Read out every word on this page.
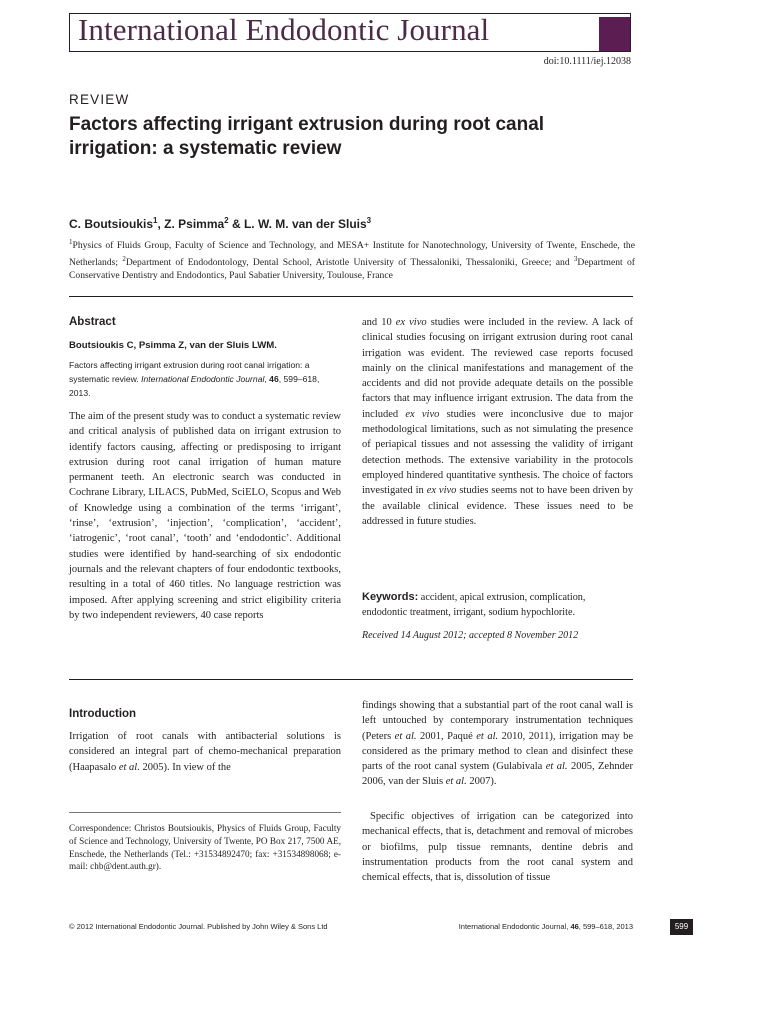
International Endodontic Journal
doi:10.1111/iej.12038
REVIEW
Factors affecting irrigant extrusion during root canal irrigation: a systematic review
C. Boutsioukis$^1$, Z. Psimma$^2$ & L. W. M. van der Sluis$^3$
$^1$Physics of Fluids Group, Faculty of Science and Technology, and MESA+ Institute for Nanotechnology, University of Twente, Enschede, the Netherlands; $^2$Department of Endodontology, Dental School, Aristotle University of Thessaloniki, Thessaloniki, Greece; and $^3$Department of Conservative Dentistry and Endodontics, Paul Sabatier University, Toulouse, France
Abstract
Boutsioukis C, Psimma Z, van der Sluis LWM.
Factors affecting irrigant extrusion during root canal irrigation: a systematic review. International Endodontic Journal, 46, 599–618, 2013.
The aim of the present study was to conduct a systematic review and critical analysis of published data on irrigant extrusion to identify factors causing, affecting or predisposing to irrigant extrusion during root canal irrigation of human mature permanent teeth. An electronic search was conducted in Cochrane Library, LILACS, PubMed, SciELO, Scopus and Web of Knowledge using a combination of the terms ‘irrigant’, ‘rinse’, ‘extrusion’, ‘injection’, ‘complication’, ‘accident’, ‘iatrogenic’, ‘root canal’, ‘tooth’ and ‘endodontic’. Additional studies were identified by hand-searching of six endodontic journals and the relevant chapters of four endodontic textbooks, resulting in a total of 460 titles. No language restriction was imposed. After applying screening and strict eligibility criteria by two independent reviewers, 40 case reports
and 10 ex vivo studies were included in the review. A lack of clinical studies focusing on irrigant extrusion during root canal irrigation was evident. The reviewed case reports focused mainly on the clinical manifestations and management of the accidents and did not provide adequate details on the possible factors that may influence irrigant extrusion. The data from the included ex vivo studies were inconclusive due to major methodological limitations, such as not simulating the presence of periapical tissues and not assessing the validity of irrigant detection methods. The extensive variability in the protocols employed hindered quantitative synthesis. The choice of factors investigated in ex vivo studies seems not to have been driven by the available clinical evidence. These issues need to be addressed in future studies.
Keywords: accident, apical extrusion, complication, endodontic treatment, irrigant, sodium hypochlorite.
Received 14 August 2012; accepted 8 November 2012
Introduction
Irrigation of root canals with antibacterial solutions is considered an integral part of chemo-mechanical preparation (Haapasalo et al. 2005). In view of the
Correspondence: Christos Boutsioukis, Physics of Fluids Group, Faculty of Science and Technology, University of Twente, PO Box 217, 7500 AE, Enschede, the Netherlands (Tel.: +31534892470; fax: +31534898068; e-mail: chb@dent.auth.gr).
findings showing that a substantial part of the root canal wall is left untouched by contemporary instrumentation techniques (Peters et al. 2001, Paqué et al. 2010, 2011), irrigation may be considered as the primary method to clean and disinfect these parts of the root canal system (Gulabivala et al. 2005, Zehnder 2006, van der Sluis et al. 2007).
Specific objectives of irrigation can be categorized into mechanical effects, that is, detachment and removal of microbes or biofilms, pulp tissue remnants, dentine debris and instrumentation products from the root canal system and chemical effects, that is, dissolution of tissue
© 2012 International Endodontic Journal. Published by John Wiley & Sons Ltd	International Endodontic Journal, 46, 599–618, 2013	599
